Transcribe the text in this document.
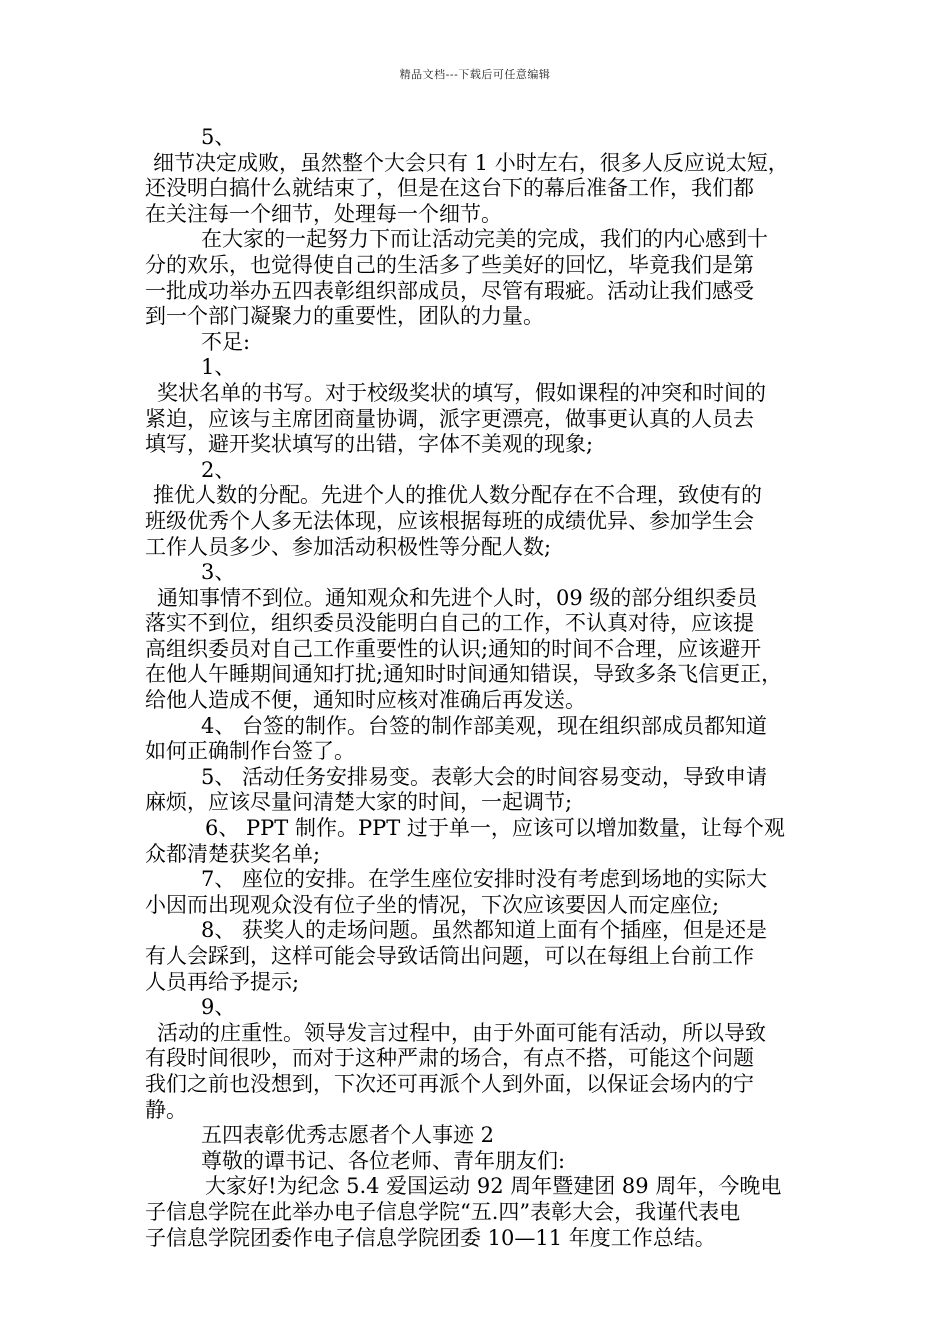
精品文档---下载后可任意编辑

5、

细节决定成败，虽然整个大会只有 1 小时左右，很多人反应说太短，

还没明白搞什么就结束了，但是在这台下的幕后准备工作，我们都

在关注每一个细节，处理每一个细节。

在大家的一起努力下而让活动完美的完成，我们的内心感到十

分的欢乐，也觉得使自己的生活多了些美好的回忆，毕竟我们是第

一批成功举办五四表彰组织部成员，尽管有瑕疵。活动让我们感受

到一个部门凝聚力的重要性，团队的力量。

不足:

1、

奖状名单的书写。对于校级奖状的填写，假如课程的冲突和时间的

紧迫，应该与主席团商量协调，派字更漂亮，做事更认真的人员去

填写，避开奖状填写的出错，字体不美观的现象;

2、

推优人数的分配。先进个人的推优人数分配存在不合理，致使有的

班级优秀个人多无法体现，应该根据每班的成绩优异、参加学生会

工作人员多少、参加活动积极性等分配人数;

3、

通知事情不到位。通知观众和先进个人时，09 级的部分组织委员

落实不到位，组织委员没能明白自己的工作，不认真对待，应该提

高组织委员对自己工作重要性的认识;通知的时间不合理，应该避开

在他人午睡期间通知打扰;通知时时间通知错误，导致多条飞信更正，

给他人造成不便，通知时应核对准确后再发送。

4、 台签的制作。台签的制作部美观，现在组织部成员都知道

如何正确制作台签了。

5、 活动任务安排易变。表彰大会的时间容易变动，导致申请

麻烦，应该尽量问清楚大家的时间，一起调节;

6、 PPT 制作。PPT 过于单一，应该可以增加数量，让每个观

众都清楚获奖名单;

7、 座位的安排。在学生座位安排时没有考虑到场地的实际大

小因而出现观众没有位子坐的情况，下次应该要因人而定座位;

8、 获奖人的走场问题。虽然都知道上面有个插座，但是还是

有人会踩到，这样可能会导致话筒出问题，可以在每组上台前工作

人员再给予提示;

9、

活动的庄重性。领导发言过程中，由于外面可能有活动，所以导致

有段时间很吵，而对于这种严肃的场合，有点不搭，可能这个问题

我们之前也没想到，下次还可再派个人到外面，以保证会场内的宁

静。

五四表彰优秀志愿者个人事迹 2

尊敬的谭书记、各位老师、青年朋友们:

大家好!为纪念 5.4 爱国运动 92 周年暨建团 89 周年，今晚电

子信息学院在此举办电子信息学院“五.四”表彰大会，我谨代表电

子信息学院团委作电子信息学院团委 10—11 年度工作总结。
